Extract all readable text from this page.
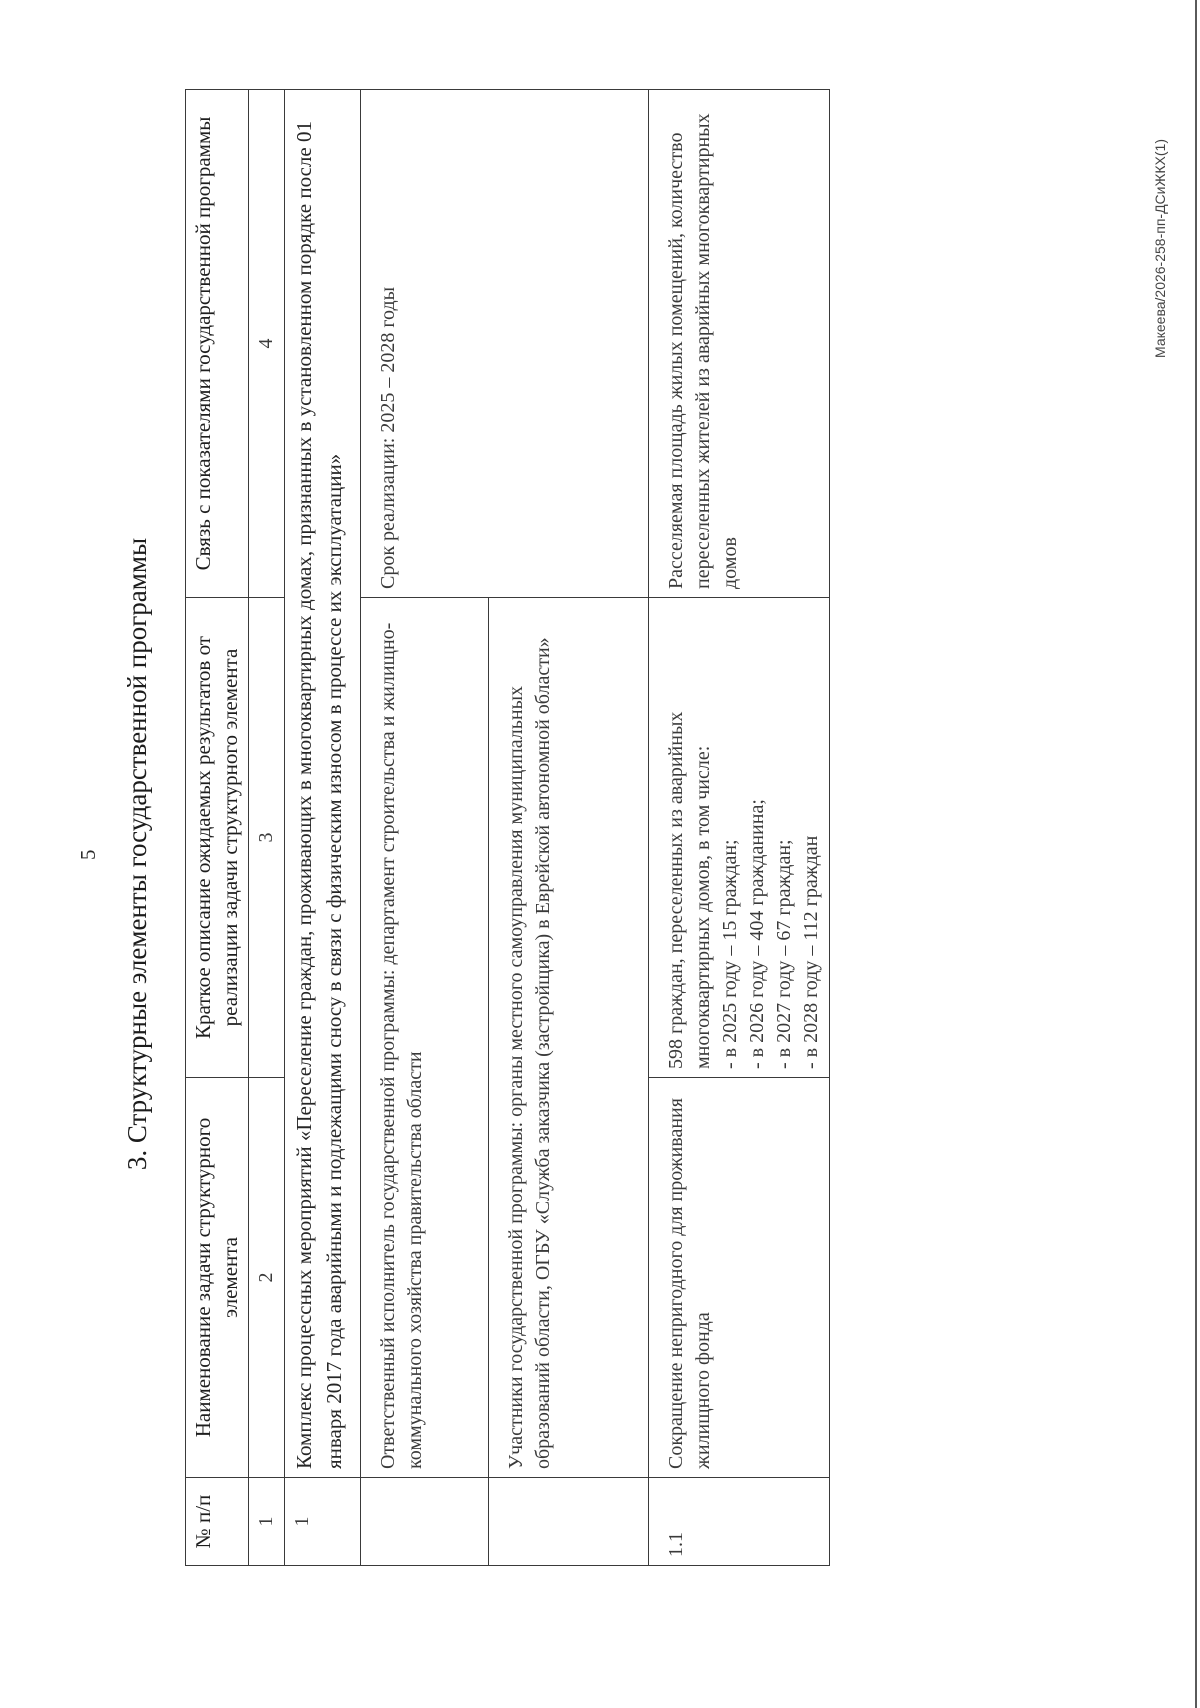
5 3. Структурные элементы государственной программы
№ п/п	Наименование задачи структурного элемента	Краткое описание ожидаемых результатов от реализации задачи структурного элемента	Связь с показателями государственной программы
1	2	3	4
1	Комплекс процессных мероприятий «Переселение граждан, проживающих в многоквартирных домах, признанных в установленном порядке после 01 января 2017 года аварийными и подлежащими сносу в связи с физическим износом в процессе их эксплуатации»		
	Ответственный исполнитель государственной программы: департамент строительства и жилищно-коммунального хозяйства правительства области		Срок реализации: 2025 – 2028 годы
	Участники государственной программы: органы местного самоуправления муниципальных образований области, ОГБУ «Служба заказчика (застройщика) в Еврейской автономной области»		
1.1	Сокращение непригодного для проживания жилищного фонда	598 граждан, переселенных из аварийных многоквартирных домов, в том числе: - в 2025 году – 15 граждан; - в 2026 году – 404 гражданина; - в 2027 году – 67 граждан; - в 2028 году – 112 граждан	Расселяемая площадь жилых помещений, количество переселенных жителей из аварийных многоквартирных домов
Макеева/2026-258-пп-ДСиЖКХ(1)
